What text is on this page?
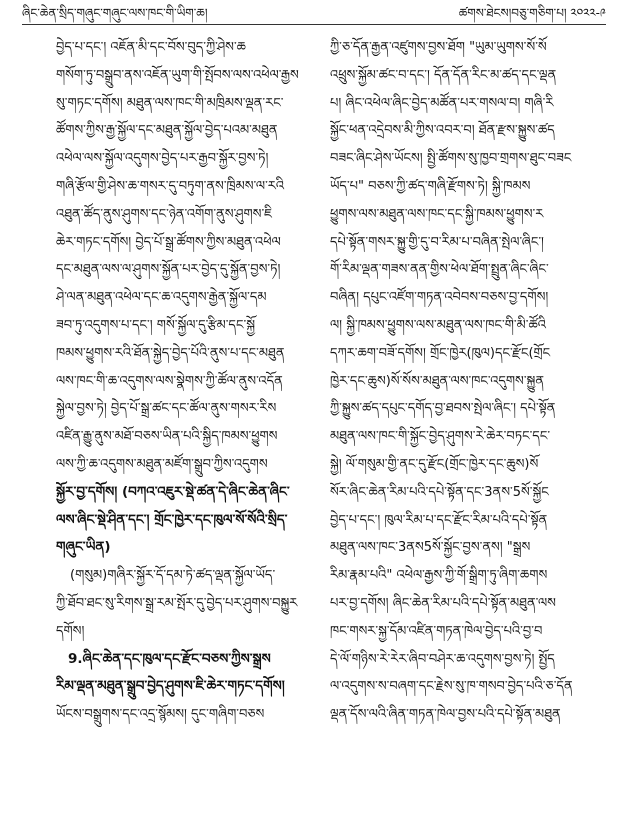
ཞིང་ཆེན་སྲིད་གཞུང་གཞུང་ལས་ཁང་གི་ཡིག་ཆ།	ཚགས་ཐེངས།བཅུ་གཅིག་པ། ༢༠༢༢-༩
བྱེད་པ་དང་། འཇོན་མི་དང་བོས་བུད་ཀྱི་ཤེས་ཆ
གསོག་ཏུ་བསྒྲུབ་ནས་འཇོན་ཡུག་གི་སྤོབས་ལས་འཕེལ་རྒྱས
སུ་གཏང་དགོས། མཐུན་ལས་ཁང་གི་མཁྲིམས་ལྡན་རང་
ཚོགས་ཀྱིས་རྒྱ་སྐྱོལ་དང་མཐུན་སྐྱོལ་བྱེད་པའམ་མཐུན
འཕེལ་ལས་སྐྱོལ་འདུགས་བྱེད་པར་རྒྱབ་སྐྱོར་བྱས་ཏེ།
གཞི་རྩོལ་གྱི་ཤེས་ཆ་གསར་དུ་བཏུག་ནས་ཁྲིམས་ལ་རའི
འཐུན་ཚོད་ནུས་ཤུགས་དང་ཉེན་འགོག་ནུས་ཤུགས་ཇི
ཆེར་གཏང་དགོས། བྱེད་པོ་སྒྲ་ཚོགས་ཀྱིས་མཐུན་འཕེལ
དང་མཐུན་ལས་ལ་ཤུགས་སྐྱོན་པར་བྱེད་དུ་སྐྱོན་བྱས་ཏེ།
ཤེ་ལན་མཐུན་འཕེལ་དང་ཆ་འདུགས་རྒྱེན་སྐྱོལ་དམ
ཟབ་ཏུ་འདུགས་པ་དང་། གསོ་སྐྱོལ་དུ་རྩིམ་དང་སྐྱོ
ཁམས་ཕྱུགས་རའི་ཐོན་སྐྱེད་བྱེད་པོའི་ནུས་པ་དང་མཐུན
ལས་ཁང་གི་ཆ་འདུགས་ལས་སྣེགས་ཀྱི་ཚོལ་ནུས་འདོན
སྐྱེལ་བྱས་ཏེ། བྱེད་པོ་སྒྲ་ཚང་དང་ཚོལ་ནུས་གསར་རིས
འཛིན་རྒྱུ་ནུས་མཐོ་བཅས་ཡིན་པའི་སྐྱིད་ཁམས་ཕྱུགས
ལས་ཀྱི་ཆ་འདུགས་མཐུན་མཛོག་སྒྲུབ་ཀྱིས་འདུགས
སྐྱོར་བྱ་དགོས། (བཀའ་འཇུར་སྡེ་ཚན་དེ་ཞིང་ཆེན་ཞིང་
ལས་ཞིང་སྡེ་ཤིན་དང་། གྲོང་ཁྱེར་དང་ཁུལ་སོ་སོའི་སྲིད་
གཞུང་ཡིན)
(གསུམ)གཞིར་སྐྱོར་དོ་དམ་ཏེ་ཚད་ལྡན་སྐྱོལ་ཡོད་
ཀྱི་ཐོབ་ཐང་སུ་རིགས་སྒྲ་རམ་སྤོར་དུ་བྱེད་པར་ཤུགས་བསྐྱུར
དགོས།
9.ཞིང་ཆེན་དང་ཁུལ་དང་རྫོང་བཅས་ཀྱིས་སྒྲས
རིམ་ལྡན་མཐུན་སྒྲུབ་བྱེད་ཤུགས་ཇི་ཆེར་གཏང་དགོས།
ཡོངས་བསྒྲུགས་དང་འདྲ་སྙོམས། དུང་གཞིག་བཅས
ཀྱི་ཅ་དོན་རྒྱན་འཛུགས་བྱས་ཐོག "ཡུམ་ཡུགས་སོ་སོ
འཕྲུས་སྐྱོམ་ཚང་བ་དང་། དོན་དོན་རིང་མ་ཚད་དང་ལྡན
པ། ཞིང་འཕེལ་ཞིང་བྱེད་མཚོན་པར་གསལ་བ། གཞི་རི
སྐྱོང་ཕན་འདྲེབས་མི་ཀྱིས་འབར་བ། ཐོན་རྫས་སྐྱུས་ཚད
བཟང་ཞིང་ཤེས་ཡོངས། སྤྱི་ཚོགས་སུ་ཁྱབ་གྲགས་ཐུང་བཟང
ཡོད་པ" བཅས་ཀྱི་ཚད་གཞི་རྫོགས་ཏེ། སྐྱི་ཁམས
ཕྱུགས་ལས་མཐུན་ལས་ཁང་དང་སྐྱི་ཁམས་ཕྱུགས་ར
དཔེ་སྟོན་གསར་སྐྱུ་གྱི་དུ་བ་རིམ་པ་བཞིན་སྤེལ་ཞིང་།
གོ་རིམ་ལྡན་གཟས་ནན་གྱིས་ཕེལ་ཐོག་སྤྲུན་ཞིང་ཞིང་
བཞིན། དཔུང་འཛོག་གཏན་འབེབས་བཅས་བྱ་དགོས།
ལ། སྐྱི་ཁམས་ཕྱུགས་ལས་མཐུན་ལས་ཁང་གི་མི་ཚོའི
དཀར་ཆག་བཟོ་དགོས། གྲོང་ཁྱེར(ཁུལ)དང་རྫོང(གྲོང
ཁྱེར་དང་ཆུས)སོ་སོས་མཐུན་ལས་ཁང་འདུགས་སྐྱུན
ཀྱི་སྐྱུས་ཚད་དཔུང་དགོད་བྱ་ཐབས་སྤེལ་ཞིང་། དཔེ་སྟོན
མཐུན་ལས་ཁང་གི་སྐྱོང་བྱེད་ཤུགས་རེ་ཆེར་བཏང་དང་
སྐྱེ། ལོ་གསུམ་གྱི་ནང་དུ་རྫོང(གྲོང་ཁྱེར་དང་ཆུས)སོ
སོར་ཞིང་ཆེན་རིམ་པའི་དཔེ་སྟོན་དང་3ནས་5སོ་སྐྱོང
བྱེད་པ་དང་། ཁུལ་རིམ་པ་དང་རྫོང་རིམ་པའི་དཔེ་སྟོན
མཐུན་ལས་ཁང་3ནས5སོ་སྐྱོང་བྱས་ནས། "སྒྲས
རིམ་རྣམ་པའི" འཕེལ་རྒྱས་ཀྱི་གོ་སྒྲིག་ཏུ་ཞིག་ཆགས
པར་བྱ་དགོས། ཞིང་ཆེན་རིམ་པའི་དཔེ་སྟོན་མཐུན་ལས
ཁང་གསར་སྐྱ་དོམ་འཛིན་གཏན་ཁེལ་བྱེད་པའི་བྱ་བ
དེ་ལོ་གཉིས་རེ་རེར་ཞིབ་བཤེར་ཆ་འདུགས་བྱས་ཏེ། སྤྱོད
ལ་འདུགས་ས་བཞག་དང་རྗེས་སུ་ཁ་གསབ་བྱེད་པའི་ཅ་དོན
ལྡན་དོས་ལའི་ཞིན་གཏན་ཁེལ་བྱས་པའི་དཔེ་སྟོན་མཐུན
